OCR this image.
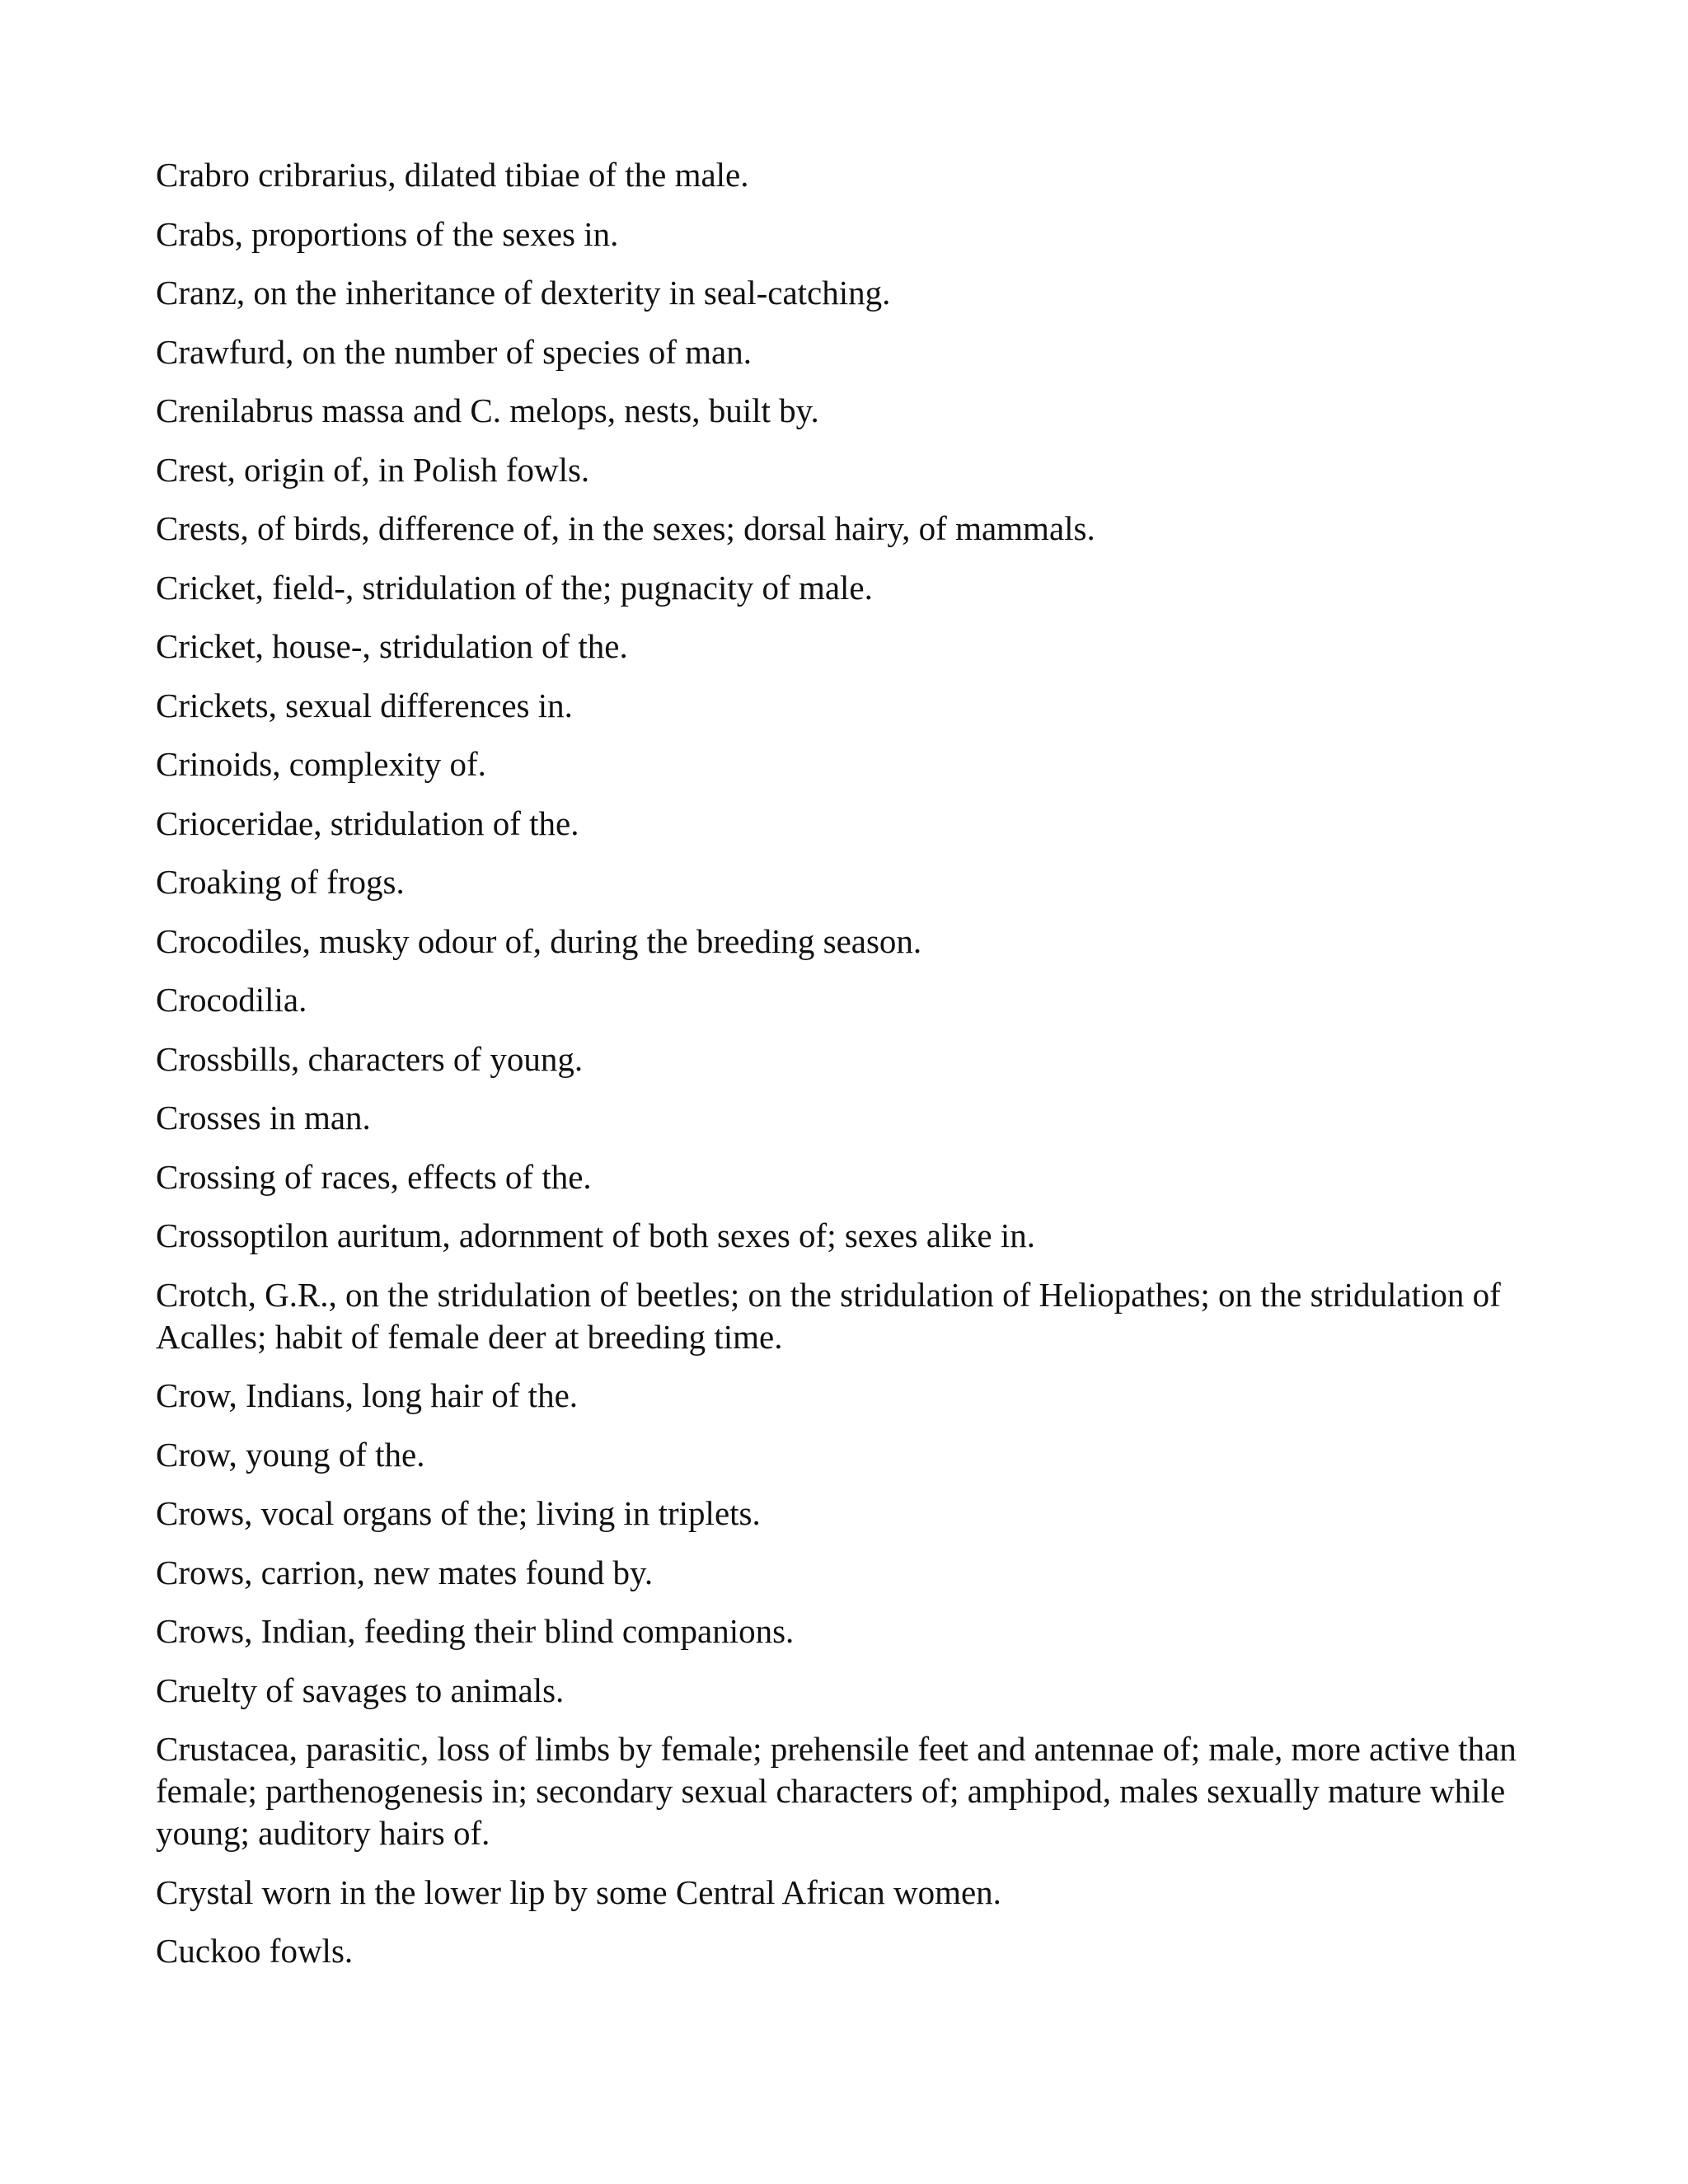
Crabro cribrarius, dilated tibiae of the male.
Crabs, proportions of the sexes in.
Cranz, on the inheritance of dexterity in seal-catching.
Crawfurd, on the number of species of man.
Crenilabrus massa and C. melops, nests, built by.
Crest, origin of, in Polish fowls.
Crests, of birds, difference of, in the sexes; dorsal hairy, of mammals.
Cricket, field-, stridulation of the; pugnacity of male.
Cricket, house-, stridulation of the.
Crickets, sexual differences in.
Crinoids, complexity of.
Crioceridae, stridulation of the.
Croaking of frogs.
Crocodiles, musky odour of, during the breeding season.
Crocodilia.
Crossbills, characters of young.
Crosses in man.
Crossing of races, effects of the.
Crossoptilon auritum, adornment of both sexes of; sexes alike in.
Crotch, G.R., on the stridulation of beetles; on the stridulation of Heliopathes; on the stridulation of Acalles; habit of female deer at breeding time.
Crow, Indians, long hair of the.
Crow, young of the.
Crows, vocal organs of the; living in triplets.
Crows, carrion, new mates found by.
Crows, Indian, feeding their blind companions.
Cruelty of savages to animals.
Crustacea, parasitic, loss of limbs by female; prehensile feet and antennae of; male, more active than female; parthenogenesis in; secondary sexual characters of; amphipod, males sexually mature while young; auditory hairs of.
Crystal worn in the lower lip by some Central African women.
Cuckoo fowls.
